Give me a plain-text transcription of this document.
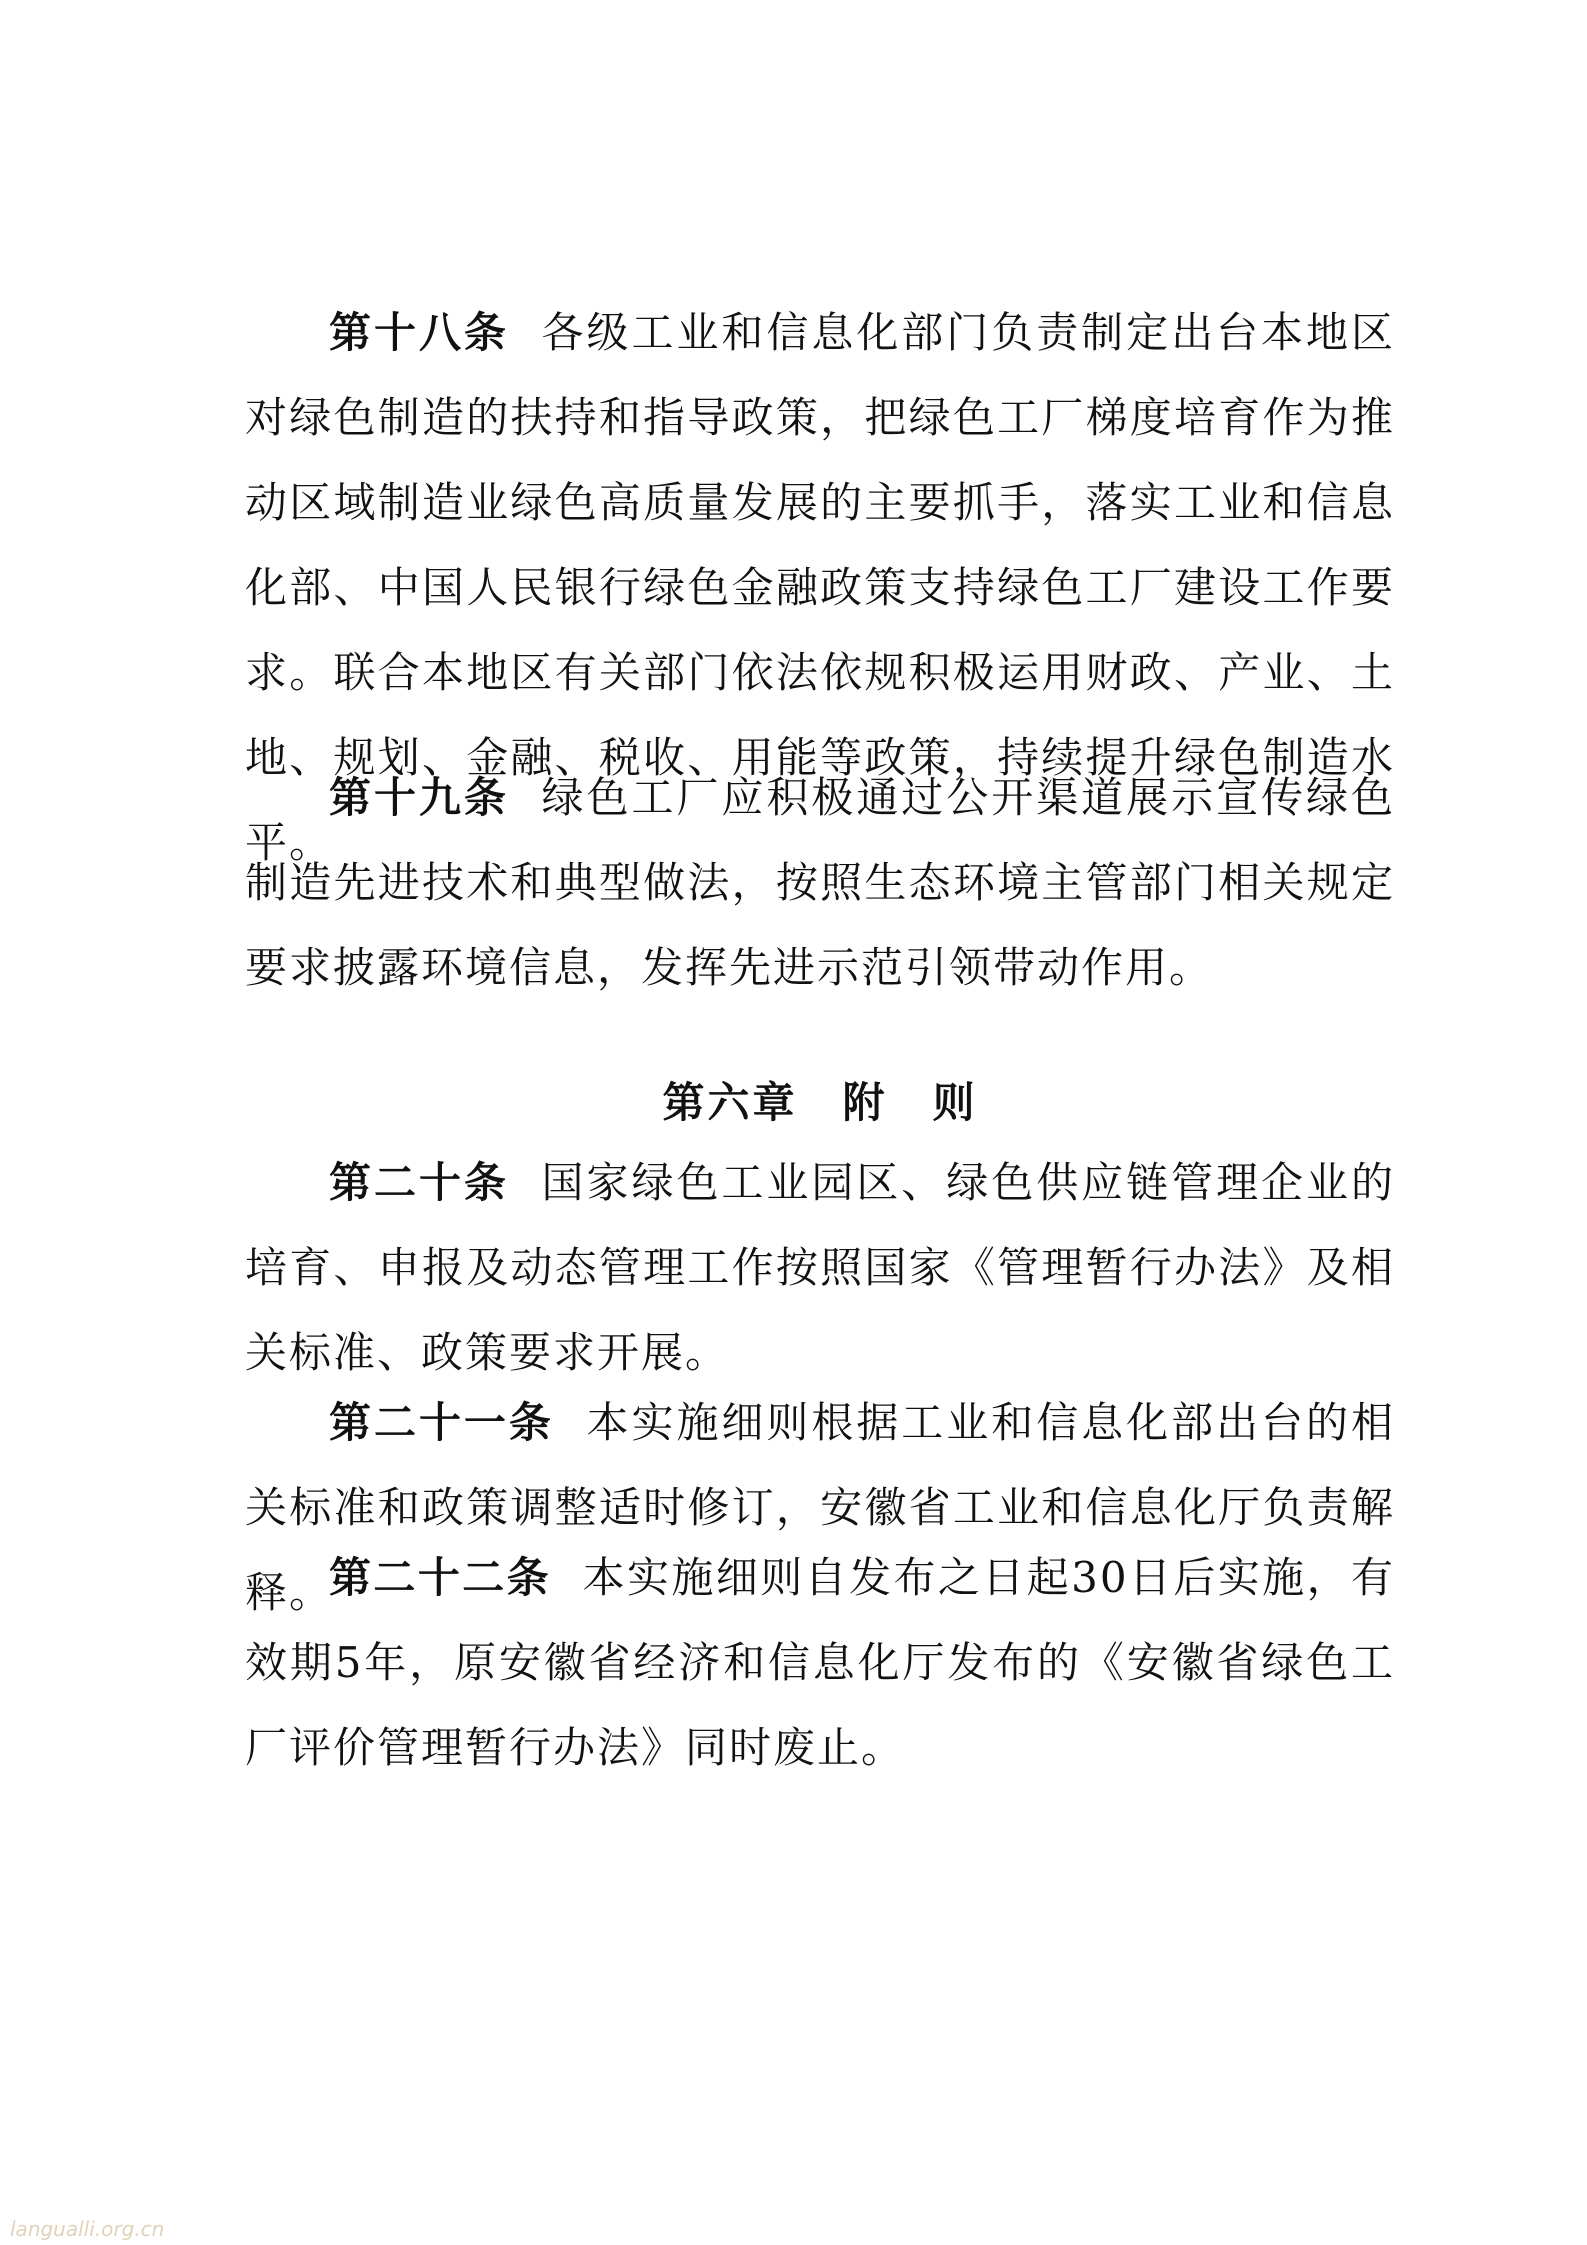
第十八条 各级工业和信息化部门负责制定出台本地区对绿色制造的扶持和指导政策，把绿色工厂梯度培育作为推动区域制造业绿色高质量发展的主要抓手，落实工业和信息化部、中国人民银行绿色金融政策支持绿色工厂建设工作要求。联合本地区有关部门依法依规积极运用财政、产业、土地、规划、金融、税收、用能等政策，持续提升绿色制造水平。

第十九条 绿色工厂应积极通过公开渠道展示宣传绿色制造先进技术和典型做法，按照生态环境主管部门相关规定要求披露环境信息，发挥先进示范引领带动作用。

第六章　附　则

第二十条 国家绿色工业园区、绿色供应链管理企业的培育、申报及动态管理工作按照国家《管理暂行办法》及相关标准、政策要求开展。

第二十一条 本实施细则根据工业和信息化部出台的相关标准和政策调整适时修订，安徽省工业和信息化厅负责解释。

第二十二条 本实施细则自发布之日起30日后实施，有效期5年，原安徽省经济和信息化厅发布的《安徽省绿色工厂评价管理暂行办法》同时废止。

langualli.org.cn
